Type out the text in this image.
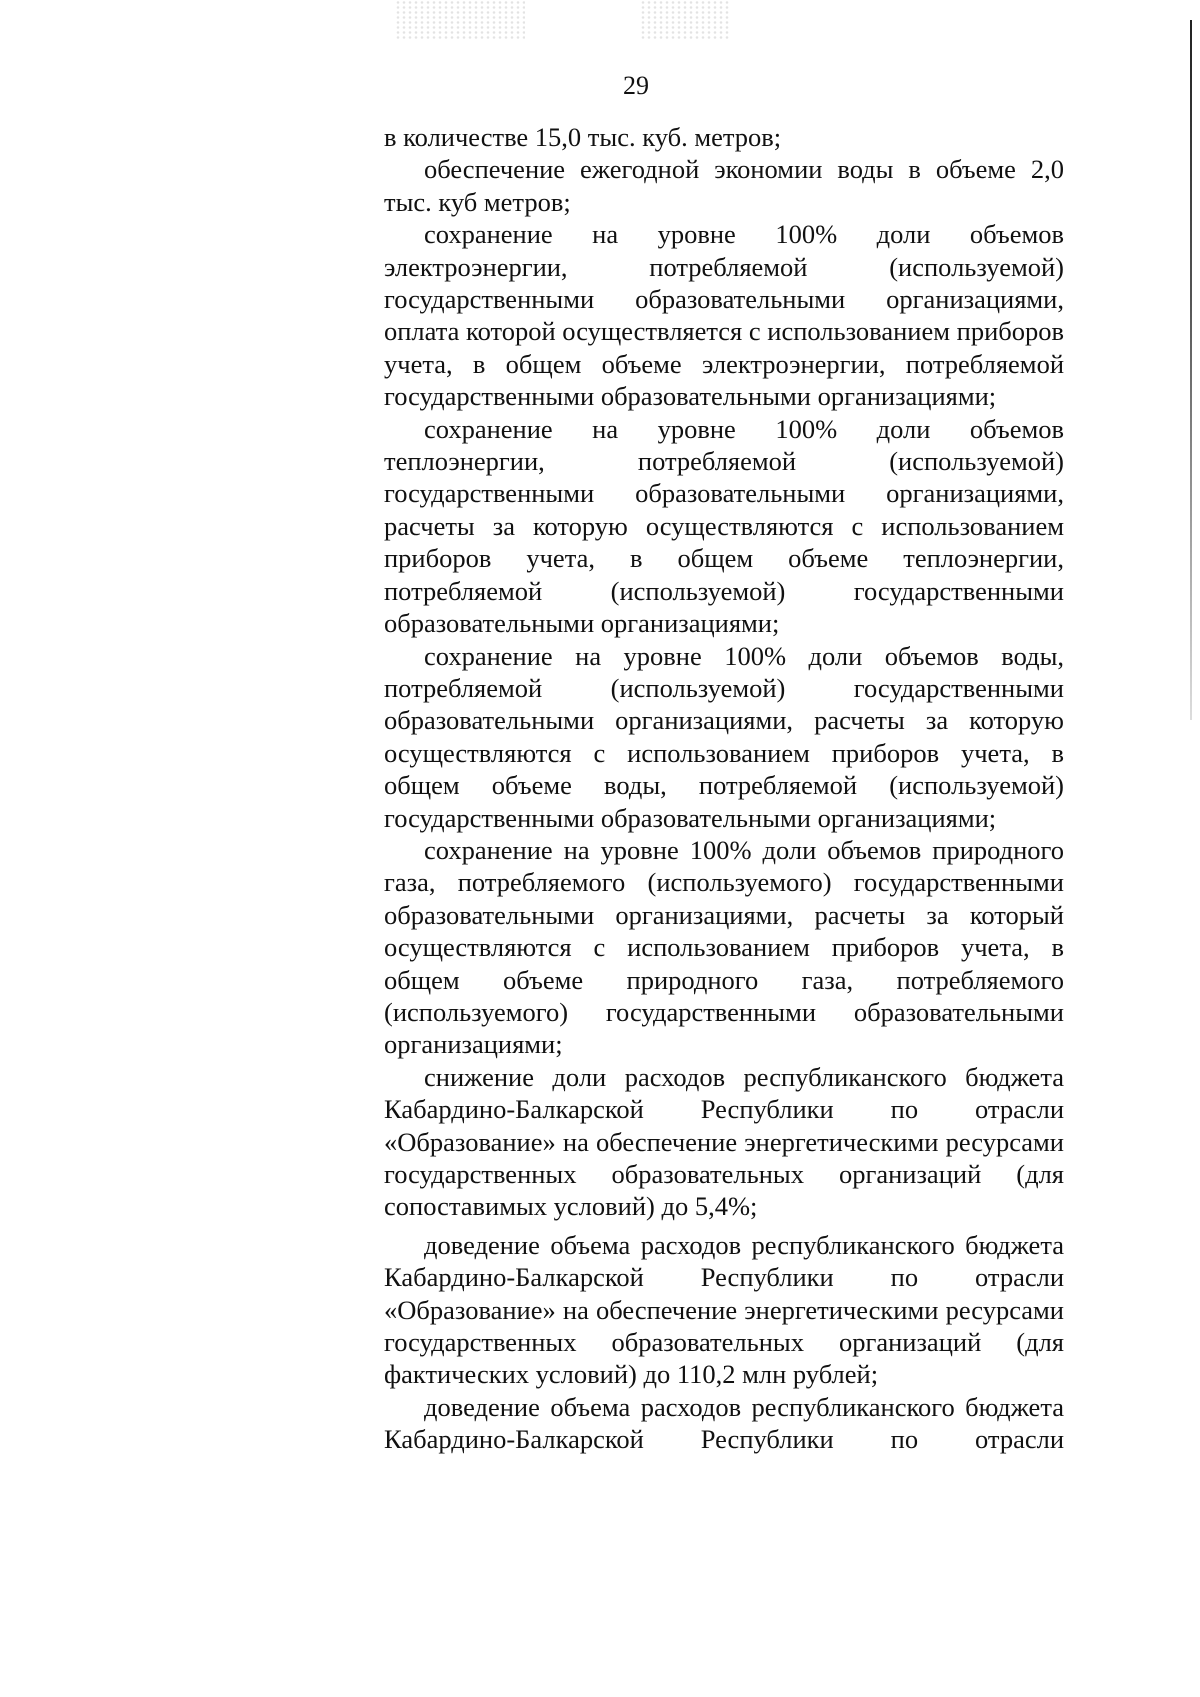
29

в количестве 15,0 тыс. куб. метров;

обеспечение ежегодной экономии воды в объеме 2,0 тыс. куб метров;

сохранение на уровне 100% доли объемов электроэнергии, потребляемой (используемой) государственными образовательными организациями, оплата которой осуществляется с использованием приборов учета, в общем объеме электроэнергии, потребляемой государственными образовательными организациями;

сохранение на уровне 100% доли объемов теплоэнергии, потребляемой (используемой) государственными образовательными организациями, расчеты за которую осуществляются с использованием приборов учета, в общем объеме теплоэнергии, потребляемой (используемой) государственными образовательными организациями;

сохранение на уровне 100% доли объемов воды, потребляемой (используемой) государственными образовательными организациями, расчеты за которую осуществляются с использованием приборов учета, в общем объеме воды, потребляемой (используемой) государственными образовательными организациями;

сохранение на уровне 100% доли объемов природного газа, потребляемого (используемого) государственными образовательными организациями, расчеты за который осуществляются с использованием приборов учета, в общем объеме природного газа, потребляемого (используемого) государственными образовательными организациями;

снижение доли расходов республиканского бюджета Кабардино-Балкарской Республики по отрасли «Образование» на обеспечение энергетическими ресурсами государственных образовательных организаций (для сопоставимых условий) до 5,4%;

доведение объема расходов республиканского бюджета Кабардино-Балкарской Республики по отрасли «Образование» на обеспечение энергетическими ресурсами государственных образовательных организаций (для фактических условий) до 110,2 млн рублей;

доведение объема расходов республиканского бюджета Кабардино-Балкарской Республики по отрасли
